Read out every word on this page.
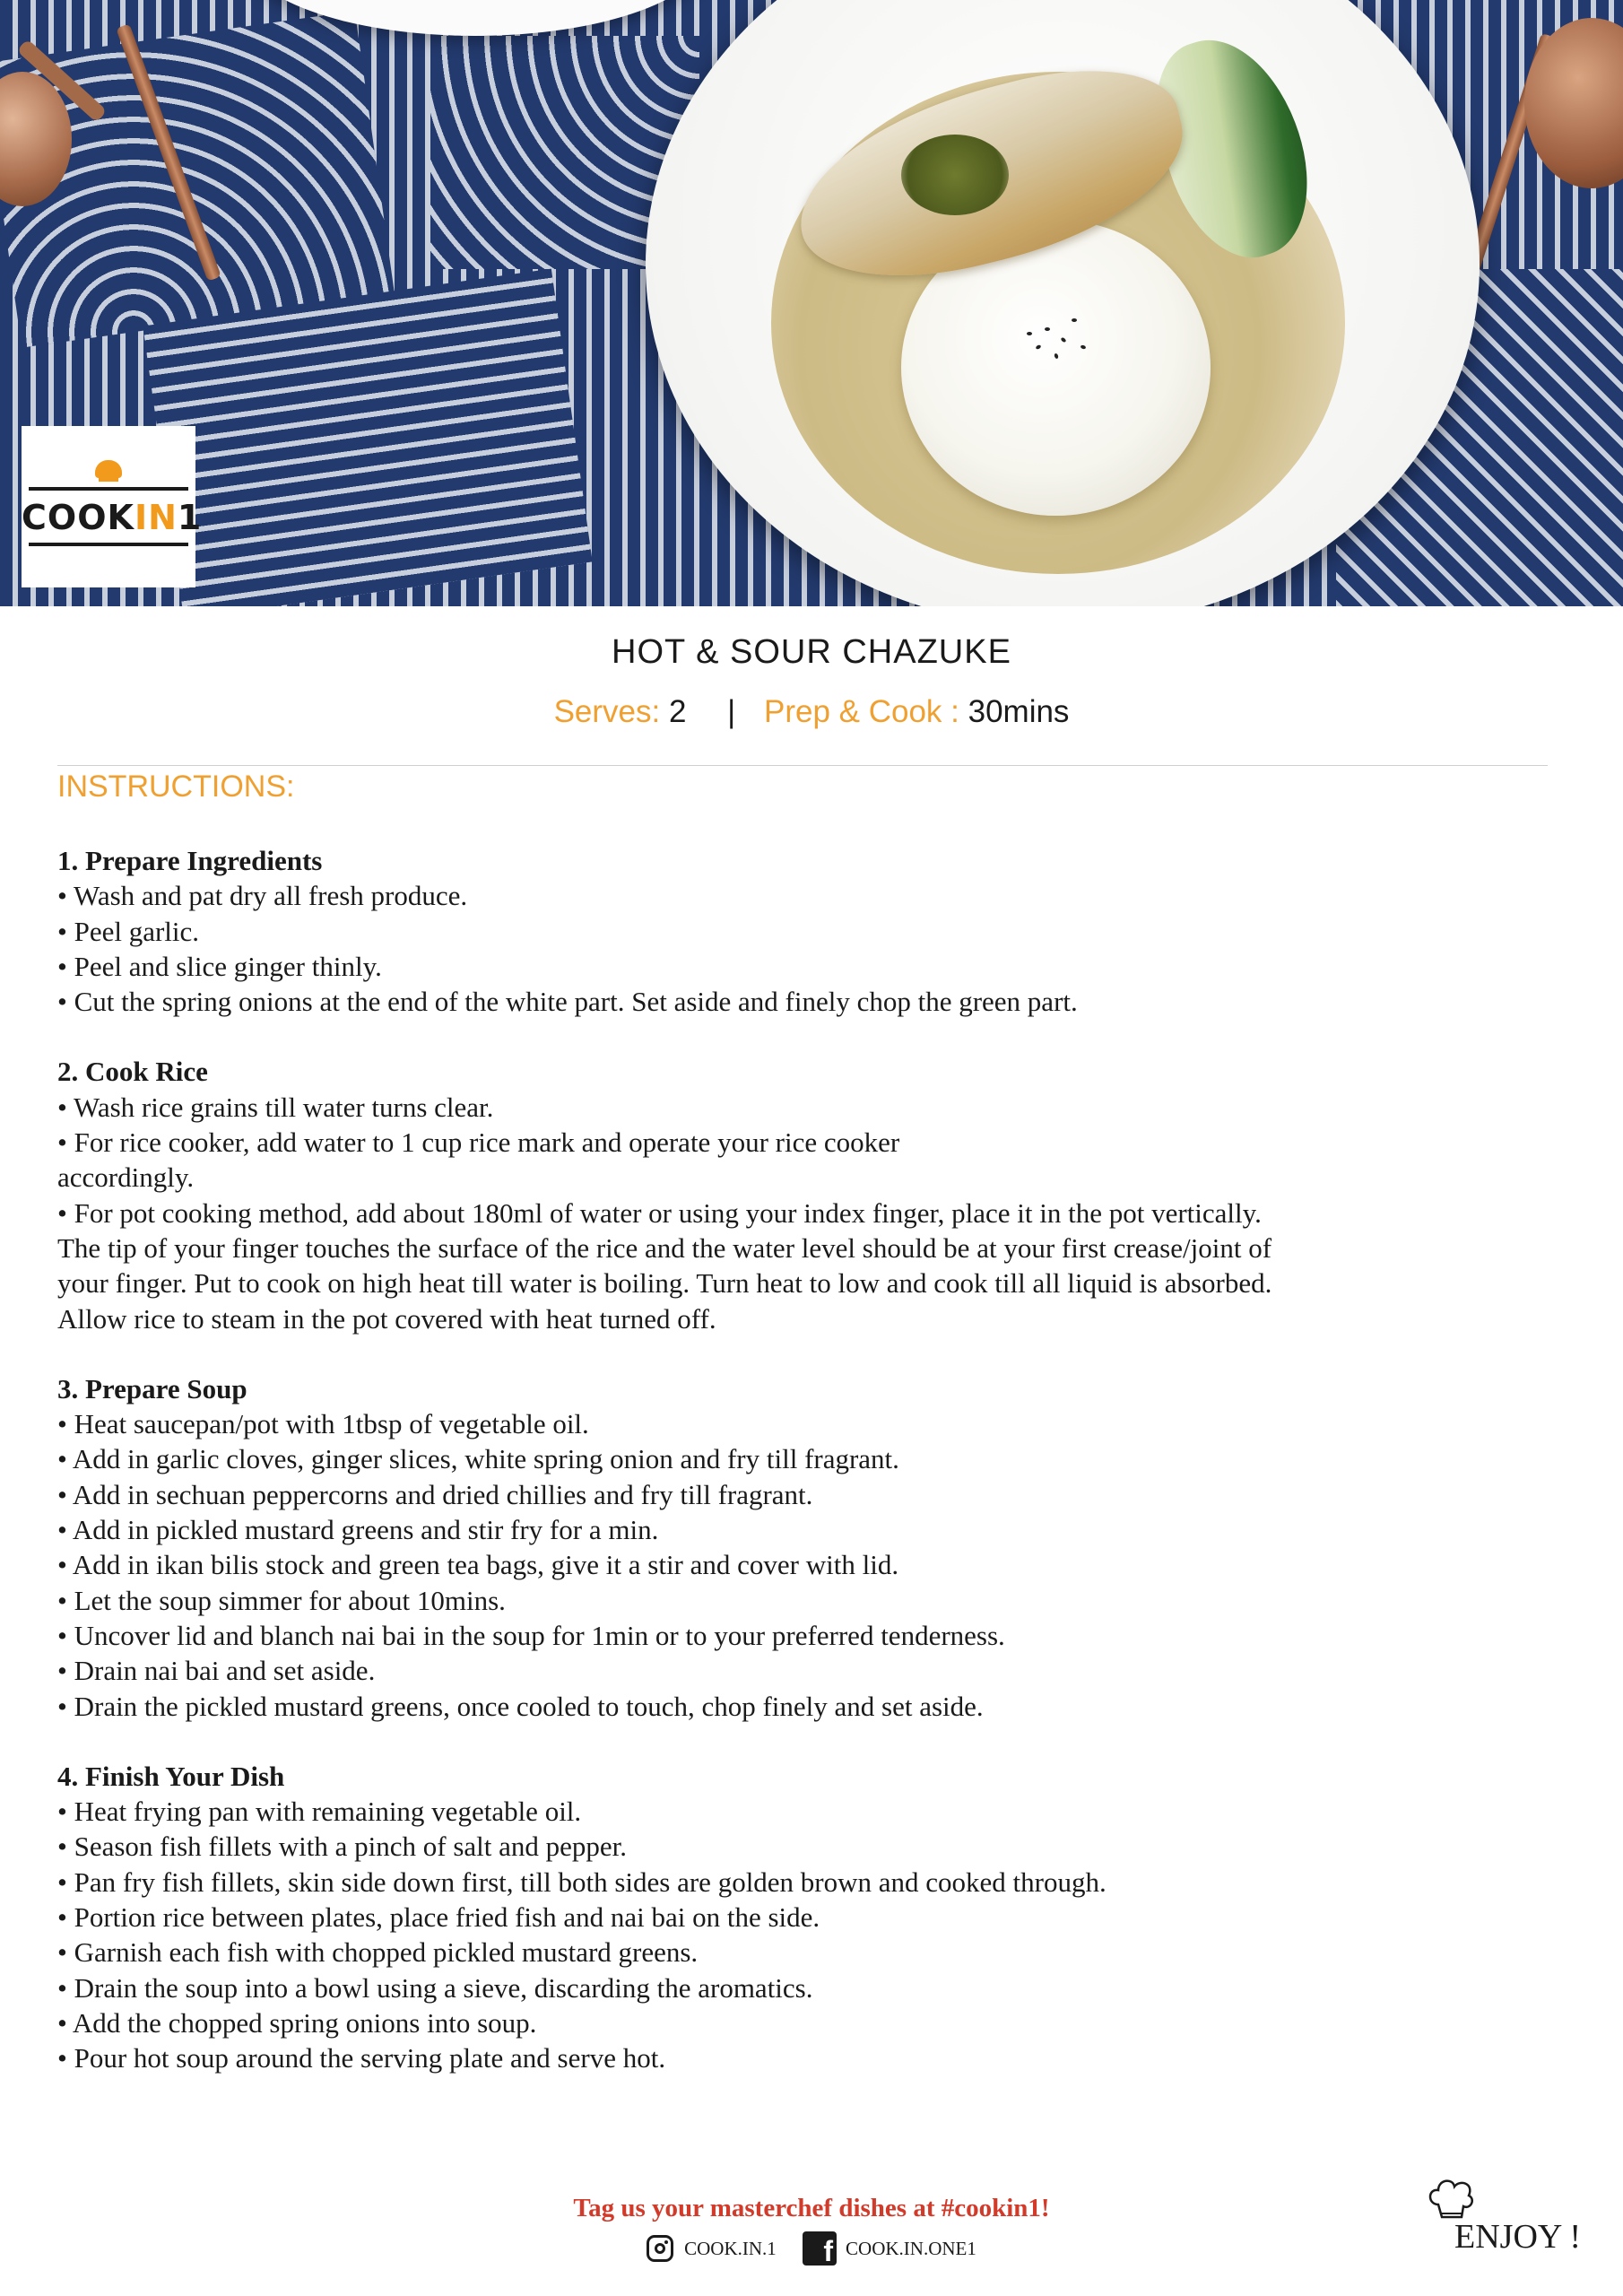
COOKIN1
HOT & SOUR CHAZUKE
Serves: 2 | Prep & Cook : 30mins
INSTRUCTIONS:
1. Prepare Ingredients

• Wash and pat dry all fresh produce.

• Peel garlic.

• Peel and slice ginger thinly.

• Cut the spring onions at the end of the white part. Set aside and finely chop the green part.

2. Cook Rice

• Wash rice grains till water turns clear.

• For rice cooker, add water to 1 cup rice mark and operate your rice cooker

accordingly.

• For pot cooking method, add about 180ml of water or using your index finger, place it in the pot vertically.

The tip of your finger touches the surface of the rice and the water level should be at your first crease/joint of

your finger. Put to cook on high heat till water is boiling. Turn heat to low and cook till all liquid is absorbed.

Allow rice to steam in the pot covered with heat turned off.

3. Prepare Soup

• Heat saucepan/pot with 1tbsp of vegetable oil.

• Add in garlic cloves, ginger slices, white spring onion and fry till fragrant.

• Add in sechuan peppercorns and dried chillies and fry till fragrant.

• Add in pickled mustard greens and stir fry for a min.

• Add in ikan bilis stock and green tea bags, give it a stir and cover with lid.

• Let the soup simmer for about 10mins.

• Uncover lid and blanch nai bai in the soup for 1min or to your preferred tenderness.

• Drain nai bai and set aside.

• Drain the pickled mustard greens, once cooled to touch, chop finely and set aside.

4. Finish Your Dish

• Heat frying pan with remaining vegetable oil.

• Season fish fillets with a pinch of salt and pepper.

• Pan fry fish fillets, skin side down first, till both sides are golden brown and cooked through.

• Portion rice between plates, place fried fish and nai bai on the side.

• Garnish each fish with chopped pickled mustard greens.

• Drain the soup into a bowl using a sieve, discarding the aromatics.

• Add the chopped spring onions into soup.

• Pour hot soup around the serving plate and serve hot.

Tag us your masterchef dishes at #cookin1!
COOK.IN.1
	f COOK.IN.ONE1	ENJOY !
